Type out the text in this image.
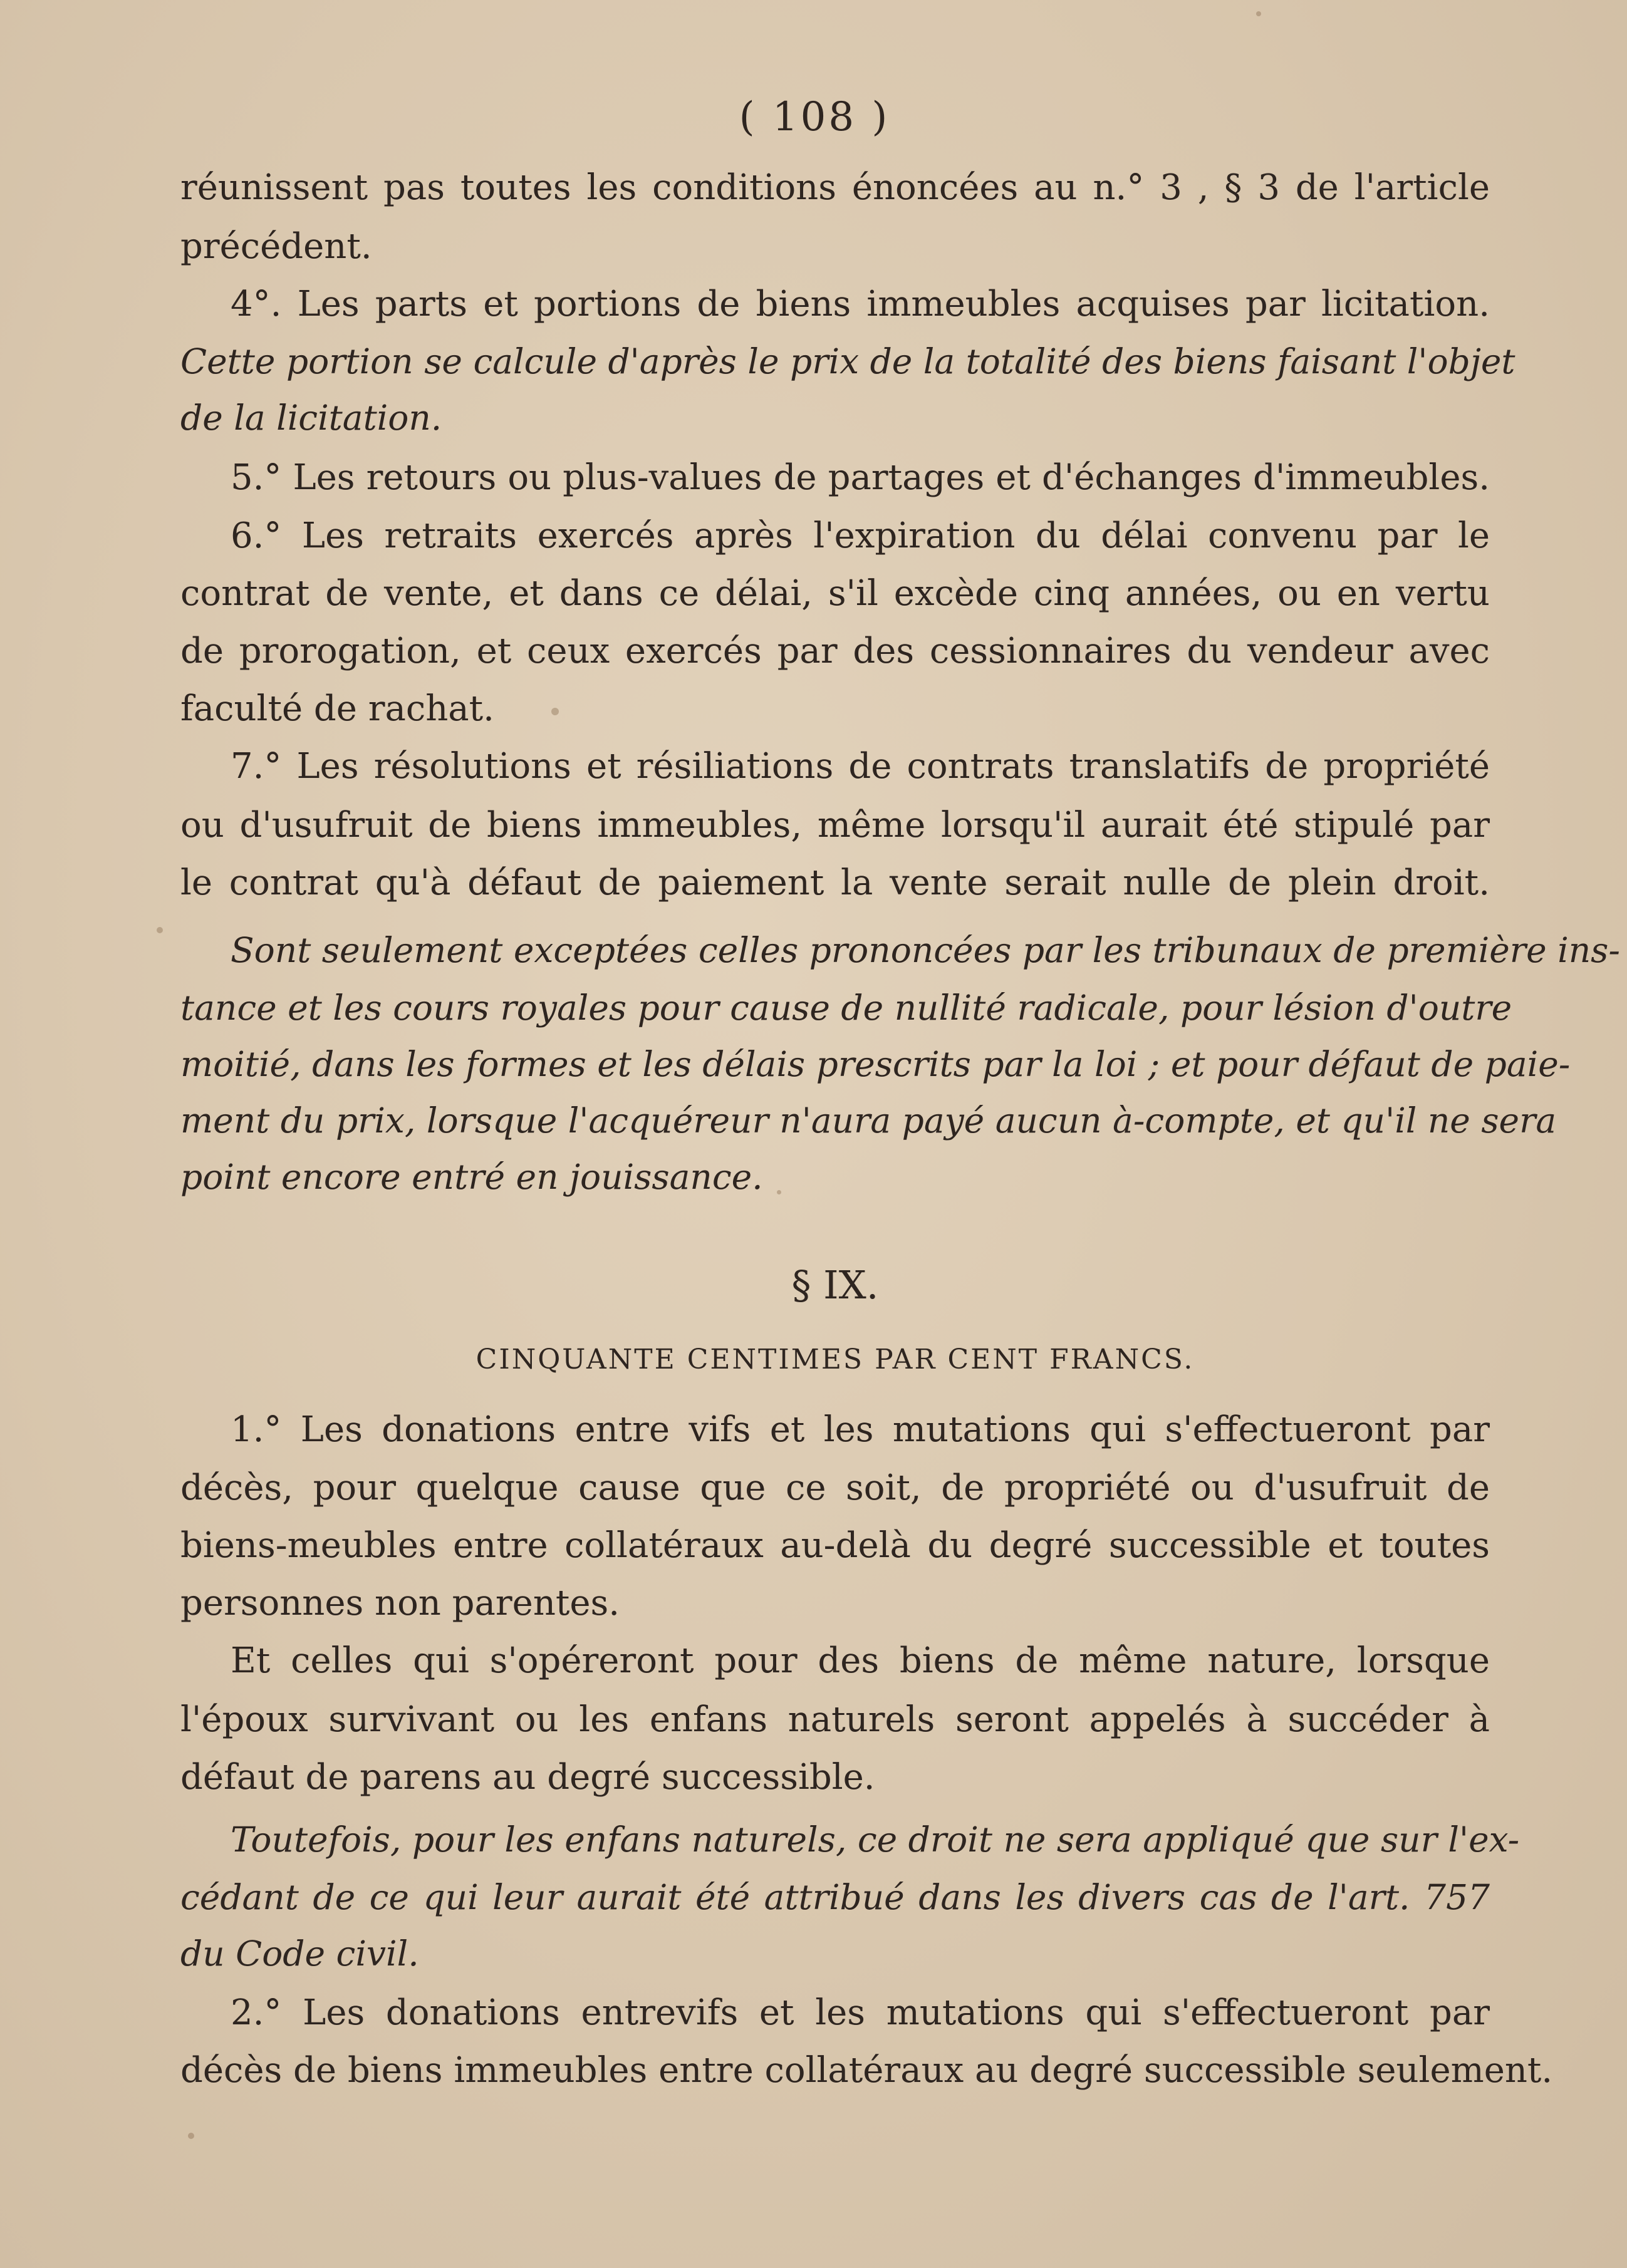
( 108 )
réunissent pas toutes les conditions énoncées au n.° 3 , § 3 de l'article
précédent.
4°. Les parts et portions de biens immeubles acquises par licitation.
Cette portion se calcule d'après le prix de la totalité des biens faisant l'objet
de la licitation.
5.° Les retours ou plus-values de partages et d'échanges d'immeubles.
6.° Les retraits exercés après l'expiration du délai convenu par le
contrat de vente, et dans ce délai, s'il excède cinq années, ou en vertu
de prorogation, et ceux exercés par des cessionnaires du vendeur avec
faculté de rachat.
7.° Les résolutions et résiliations de contrats translatifs de propriété
ou d'usufruit de biens immeubles, même lorsqu'il aurait été stipulé par
le contrat qu'à défaut de paiement la vente serait nulle de plein droit.
Sont seulement exceptées celles prononcées par les tribunaux de première ins-
tance et les cours royales pour cause de nullité radicale, pour lésion d'outre
moitié, dans les formes et les délais prescrits par la loi ; et pour défaut de paie-
ment du prix, lorsque l'acquéreur n'aura payé aucun à-compte, et qu'il ne sera
point encore entré en jouissance.
§ IX.
CINQUANTE CENTIMES PAR CENT FRANCS.
1.° Les donations entre vifs et les mutations qui s'effectueront par
décès, pour quelque cause que ce soit, de propriété ou d'usufruit de
biens-meubles entre collatéraux au-delà du degré successible et toutes
personnes non parentes.
Et celles qui s'opéreront pour des biens de même nature, lorsque
l'époux survivant ou les enfans naturels seront appelés à succéder à
défaut de parens au degré successible.
Toutefois, pour les enfans naturels, ce droit ne sera appliqué que sur l'ex-
cédant de ce qui leur aurait été attribué dans les divers cas de l'art. 757
du Code civil.
2.° Les donations entrevifs et les mutations qui s'effectueront par
décès de biens immeubles entre collatéraux au degré successible seulement.
